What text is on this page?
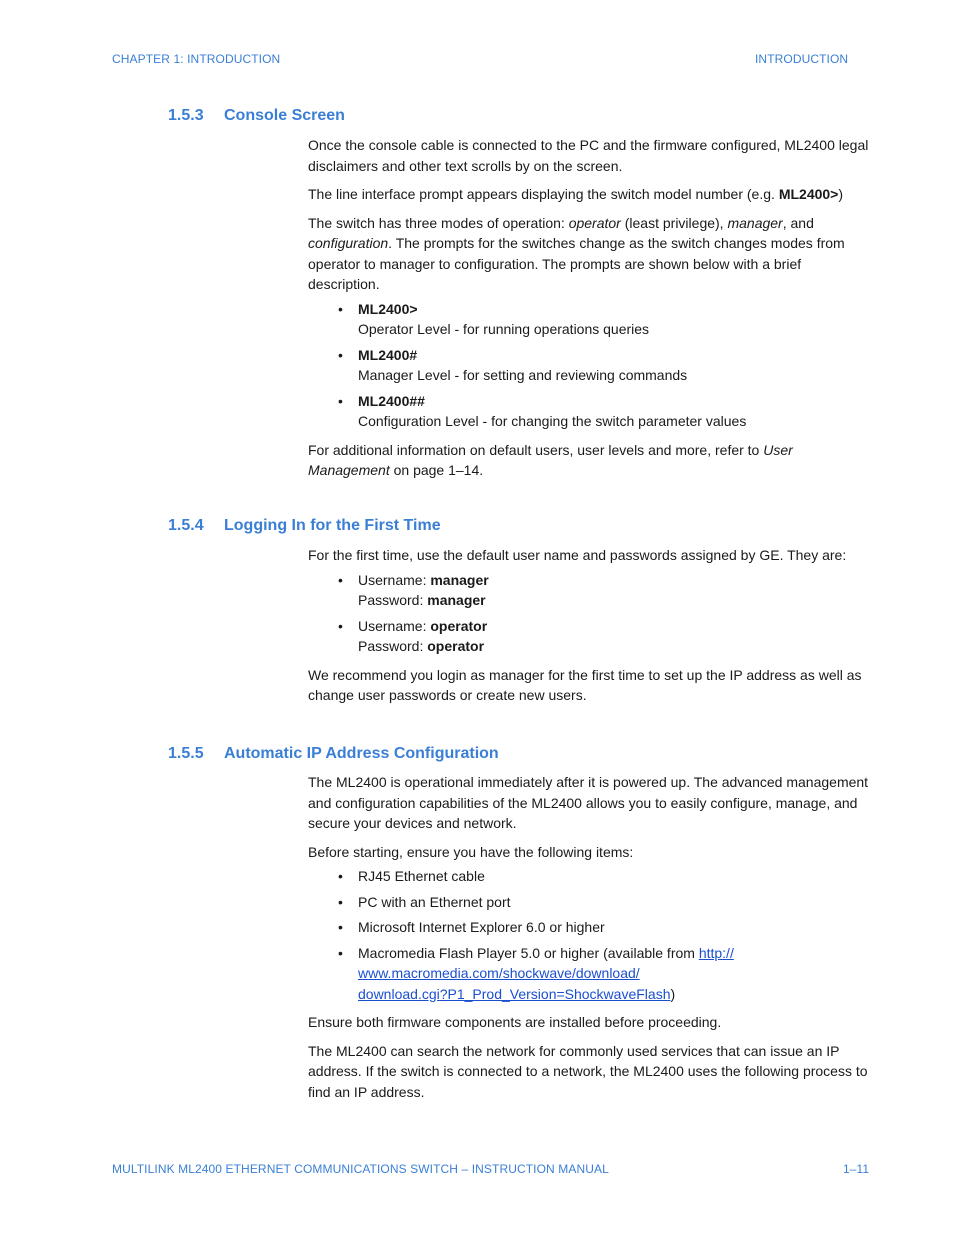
CHAPTER 1: INTRODUCTION	INTRODUCTION
1.5.3 Console Screen

Once the console cable is connected to the PC and the firmware configured, ML2400 legal disclaimers and other text scrolls by on the screen.

The line interface prompt appears displaying the switch model number (e.g. ML2400>)

The switch has three modes of operation: operator (least privilege), manager, and configuration. The prompts for the switches change as the switch changes modes from operator to manager to configuration. The prompts are shown below with a brief description.

• ML2400>
Operator Level - for running operations queries
• ML2400#
Manager Level - for setting and reviewing commands
• ML2400##
Configuration Level - for changing the switch parameter values

For additional information on default users, user levels and more, refer to User Management on page 1–14.

1.5.4 Logging In for the First Time

For the first time, use the default user name and passwords assigned by GE. They are:

• Username: manager
Password: manager
• Username: operator
Password: operator

We recommend you login as manager for the first time to set up the IP address as well as change user passwords or create new users.

1.5.5 Automatic IP Address Configuration

The ML2400 is operational immediately after it is powered up. The advanced management and configuration capabilities of the ML2400 allows you to easily configure, manage, and secure your devices and network.

Before starting, ensure you have the following items:

• RJ45 Ethernet cable
• PC with an Ethernet port
• Microsoft Internet Explorer 6.0 or higher
• Macromedia Flash Player 5.0 or higher (available from http://
www.macromedia.com/shockwave/download/
download.cgi?P1_Prod_Version=ShockwaveFlash)

Ensure both firmware components are installed before proceeding.

The ML2400 can search the network for commonly used services that can issue an IP address. If the switch is connected to a network, the ML2400 uses the following process to find an IP address.

MULTILINK ML2400 ETHERNET COMMUNICATIONS SWITCH – INSTRUCTION MANUAL	1–11
